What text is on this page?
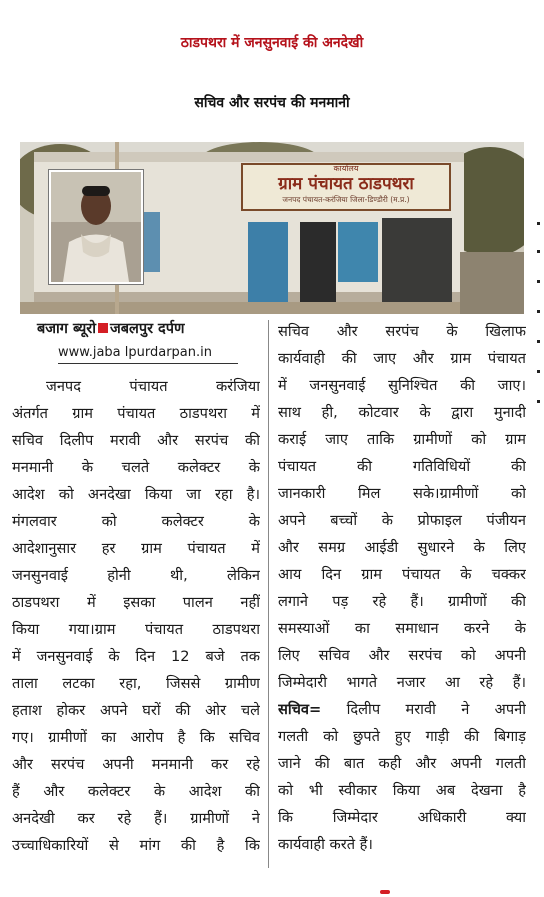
ठाडपथरा में जनसुनवाई की अनदेखी
सचिव और सरपंच की मनमानी
कार्यालय
ग्राम पंचायत ठाडपथरा
जनपद पंचायत-करंजिया जिला-डिण्डौरी (म.प्र.)
बजाग ब्यूरो जबलपुर दर्पण
www.jaba lpurdarpan.in
जनपद पंचायत करंजिया
अंतर्गत ग्राम पंचायत ठाडपथरा में
सचिव दिलीप मरावी और सरपंच की
मनमानी के चलते कलेक्टर के
आदेश को अनदेखा किया जा रहा है।
मंगलवार को कलेक्टर के
आदेशानुसार हर ग्राम पंचायत में
जनसुनवाई होनी थी, लेकिन
ठाडपथरा में इसका पालन नहीं
किया गया।ग्राम पंचायत ठाडपथरा
में जनसुनवाई के दिन 12 बजे तक
ताला लटका रहा, जिससे ग्रामीण
हताश होकर अपने घरों की ओर चले
गए। ग्रामीणों का आरोप है कि सचिव
और सरपंच अपनी मनमानी कर रहे
हैं और कलेक्टर के आदेश की
अनदेखी कर रहे हैं। ग्रामीणों ने
उच्चाधिकारियों से मांग की है कि
सचिव और सरपंच के खिलाफ
कार्यवाही की जाए और ग्राम पंचायत
में जनसुनवाई सुनिश्चित की जाए।
साथ ही, कोटवार के द्वारा मुनादी
कराई जाए ताकि ग्रामीणों को ग्राम
पंचायत की गतिविधियों की
जानकारी मिल सके।ग्रामीणों को
अपने बच्चों के प्रोफाइल पंजीयन
और समग्र आईडी सुधारने के लिए
आय दिन ग्राम पंचायत के चक्कर
लगाने पड़ रहे हैं। ग्रामीणों की
समस्याओं का समाधान करने के
लिए सचिव और सरपंच को अपनी
जिम्मेदारी भागते नजार आ रहे हैं।
सचिव= दिलीप मरावी ने अपनी
गलती को छुपते हुए गाड़ी की बिगाड़
जाने की बात कही और अपनी गलती
को भी स्वीकार किया अब देखना है
कि जिम्मेदार अधिकारी क्या
कार्यवाही करते हैं।
